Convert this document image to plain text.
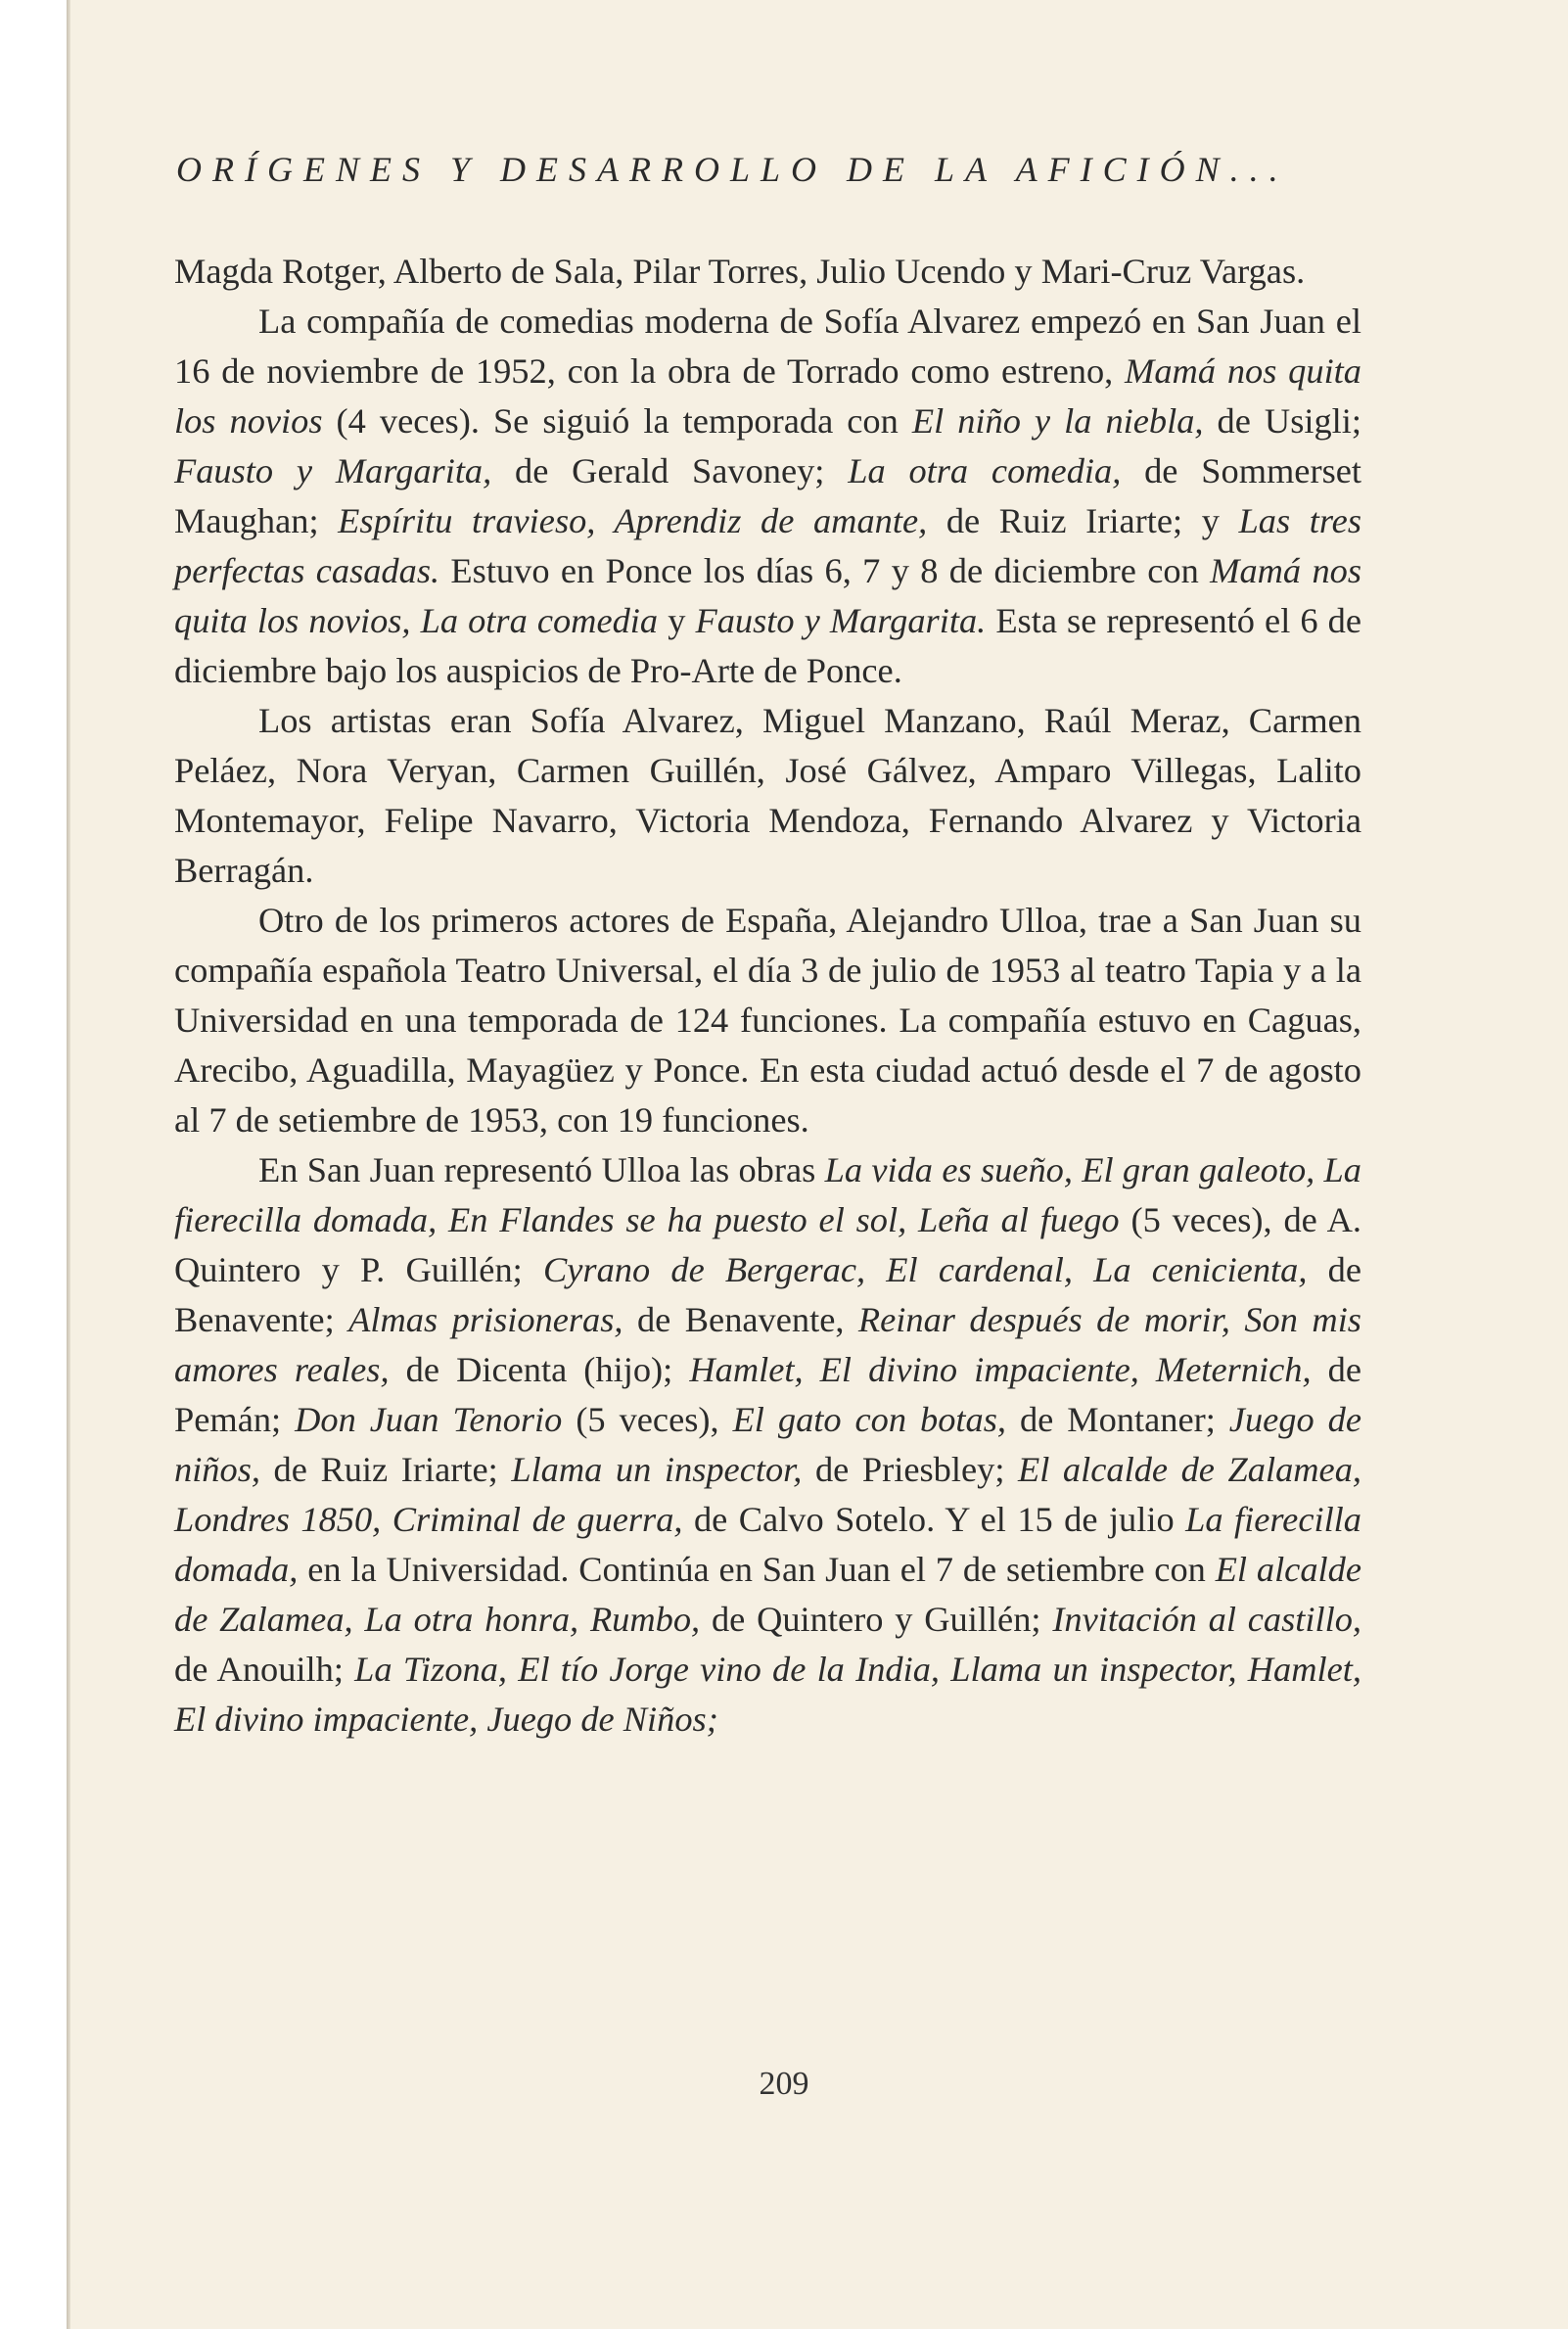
ORÍGENES Y DESARROLLO DE LA AFICIÓN...

Magda Rotger, Alberto de Sala, Pilar Torres, Julio Ucendo y Mari-Cruz Vargas.

La compañía de comedias moderna de Sofía Alvarez empezó en San Juan el 16 de noviembre de 1952, con la obra de Torrado como estreno, Mamá nos quita los novios (4 veces). Se siguió la temporada con El niño y la niebla, de Usigli; Fausto y Margarita, de Gerald Savoney; La otra comedia, de Sommerset Maughan; Espíritu travieso, Aprendiz de amante, de Ruiz Iriarte; y Las tres perfectas casadas. Estuvo en Ponce los días 6, 7 y 8 de diciembre con Mamá nos quita los novios, La otra comedia y Fausto y Margarita. Esta se representó el 6 de diciembre bajo los auspicios de Pro-Arte de Ponce.

Los artistas eran Sofía Alvarez, Miguel Manzano, Raúl Meraz, Carmen Peláez, Nora Veryan, Carmen Guillén, José Gálvez, Amparo Villegas, Lalito Montemayor, Felipe Navarro, Victoria Mendoza, Fernando Alvarez y Victoria Berragán.

Otro de los primeros actores de España, Alejandro Ulloa, trae a San Juan su compañía española Teatro Universal, el día 3 de julio de 1953 al teatro Tapia y a la Universidad en una temporada de 124 funciones. La compañía estuvo en Caguas, Arecibo, Aguadilla, Mayagüez y Ponce. En esta ciudad actuó desde el 7 de agosto al 7 de setiembre de 1953, con 19 funciones.

En San Juan representó Ulloa las obras La vida es sueño, El gran galeoto, La fierecilla domada, En Flandes se ha puesto el sol, Leña al fuego (5 veces), de A. Quintero y P. Guillén; Cyrano de Bergerac, El cardenal, La cenicienta, de Benavente; Almas prisioneras, de Benavente, Reinar después de morir, Son mis amores reales, de Dicenta (hijo); Hamlet, El divino impaciente, Meternich, de Pemán; Don Juan Tenorio (5 veces), El gato con botas, de Montaner; Juego de niños, de Ruiz Iriarte; Llama un inspector, de Priesbley; El alcalde de Zalamea, Londres 1850, Criminal de guerra, de Calvo Sotelo. Y el 15 de julio La fierecilla domada, en la Universidad. Continúa en San Juan el 7 de setiembre con El alcalde de Zalamea, La otra honra, Rumbo, de Quintero y Guillén; Invitación al castillo, de Anouilh; La Tizona, El tío Jorge vino de la India, Llama un inspector, Hamlet, El divino impaciente, Juego de Niños;

209
